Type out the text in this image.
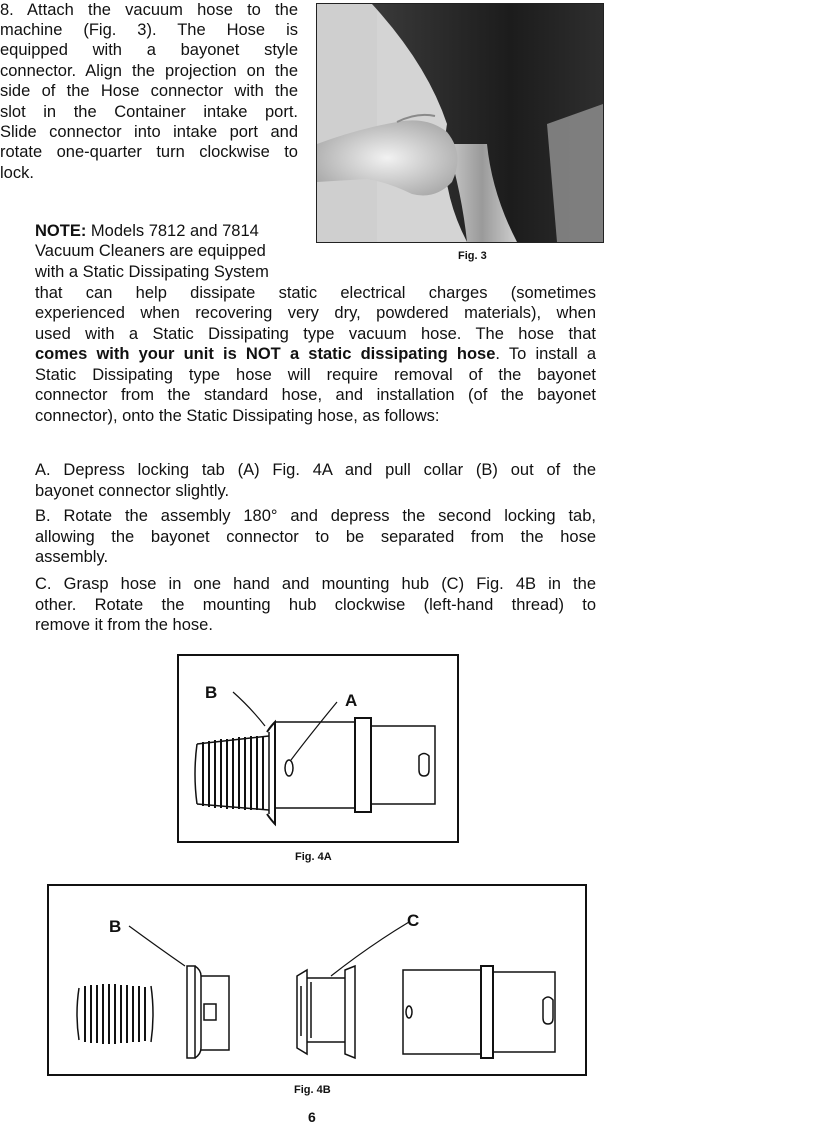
8. Attach the vacuum hose to the

machine (Fig. 3). The Hose is

equipped with a bayonet style

connector. Align the projection on the

side of the Hose connector with the

slot in the Container intake port.

Slide connector into intake port and

rotate one-quarter turn clockwise to

lock.

Fig. 3

NOTE: Models 7812 and 7814

Vacuum Cleaners are equipped

with a Static Dissipating System

that can help dissipate static electrical charges (sometimes

experienced when recovering very dry, powdered materials), when

used with a Static Dissipating type vacuum hose. The hose that

comes with your unit is NOT a static dissipating hose. To install a

Static Dissipating type hose will require removal of the bayonet

connector from the standard hose, and installation (of the bayonet

connector), onto the Static Dissipating hose, as follows:

A. Depress locking tab (A) Fig. 4A and pull collar (B) out of the

bayonet connector slightly.

B. Rotate the assembly 180° and depress the second locking tab,

allowing the bayonet connector to be separated from the hose

assembly.

C. Grasp hose in one hand and mounting hub (C) Fig. 4B in the

other. Rotate the mounting hub clockwise (left-hand thread) to

remove it from the hose.

B	A
Fig. 4A
B	C
Fig. 4B
6
